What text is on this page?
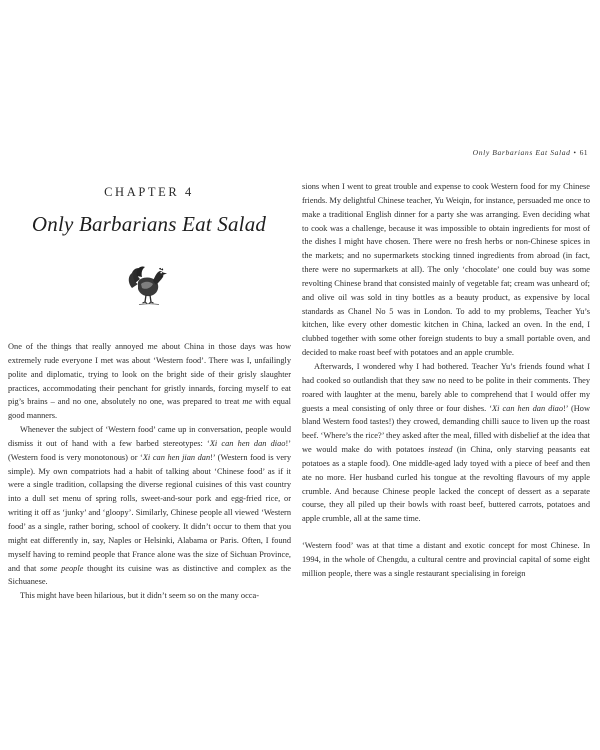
Only Barbarians Eat Salad • 61
CHAPTER 4
Only Barbarians Eat Salad

One of the things that really annoyed me about China in those days was how extremely rude everyone I met was about ‘Western food’. There was I, unfailingly polite and diplomatic, trying to look on the bright side of their grisly slaughter practices, accommodating their penchant for gristly innards, forcing myself to eat pig’s brains – and no one, absolutely no one, was prepared to treat me with equal good manners.

Whenever the subject of ‘Western food’ came up in conversation, people would dismiss it out of hand with a few barbed stereotypes: ‘Xi can hen dan diao!’ (Western food is very monotonous) or ‘Xi can hen jian dan!’ (Western food is very simple). My own compatriots had a habit of talking about ‘Chinese food’ as if it were a single tradition, collapsing the diverse regional cuisines of this vast country into a dull set menu of spring rolls, sweet-and-sour pork and egg-fried rice, or writing it off as ‘junky’ and ‘gloopy’. Similarly, Chinese people all viewed ‘Western food’ as a single, rather boring, school of cookery. It didn’t occur to them that you might eat differently in, say, Naples or Helsinki, Alabama or Paris. Often, I found myself having to remind people that France alone was the size of Sichuan Province, and that some people thought its cuisine was as distinctive and complex as the Sichuanese.

This might have been hilarious, but it didn’t seem so on the many occa-

sions when I went to great trouble and expense to cook Western food for my Chinese friends. My delightful Chinese teacher, Yu Weiqin, for instance, persuaded me once to make a traditional English dinner for a party she was arranging. Even deciding what to cook was a challenge, because it was impossible to obtain ingredients for most of the dishes I might have chosen. There were no fresh herbs or non-Chinese spices in the markets; and no supermarkets stocking tinned ingredients from abroad (in fact, there were no supermarkets at all). The only ‘chocolate’ one could buy was some revolting Chinese brand that consisted mainly of vegetable fat; cream was unheard of; and olive oil was sold in tiny bottles as a beauty product, as expensive by local standards as Chanel No 5 was in London. To add to my problems, Teacher Yu’s kitchen, like every other domestic kitchen in China, lacked an oven. In the end, I clubbed together with some other foreign students to buy a small portable oven, and decided to make roast beef with potatoes and an apple crumble.

Afterwards, I wondered why I had bothered. Teacher Yu’s friends found what I had cooked so outlandish that they saw no need to be polite in their comments. They roared with laughter at the menu, barely able to comprehend that I would offer my guests a meal consisting of only three or four dishes. ‘Xi can hen dan diao!’ (How bland Western food tastes!) they crowed, demanding chilli sauce to liven up the roast beef. ‘Where’s the rice?’ they asked after the meal, filled with disbelief at the idea that we would make do with potatoes instead (in China, only starving peasants eat potatoes as a staple food). One middle-aged lady toyed with a piece of beef and then ate no more. Her husband curled his tongue at the revolting flavours of my apple crumble. And because Chinese people lacked the concept of dessert as a separate course, they all piled up their bowls with roast beef, buttered carrots, potatoes and apple crumble, all at the same time.

‘Western food’ was at that time a distant and exotic concept for most Chinese. In 1994, in the whole of Chengdu, a cultural centre and provincial capital of some eight million people, there was a single restaurant specialising in foreign
